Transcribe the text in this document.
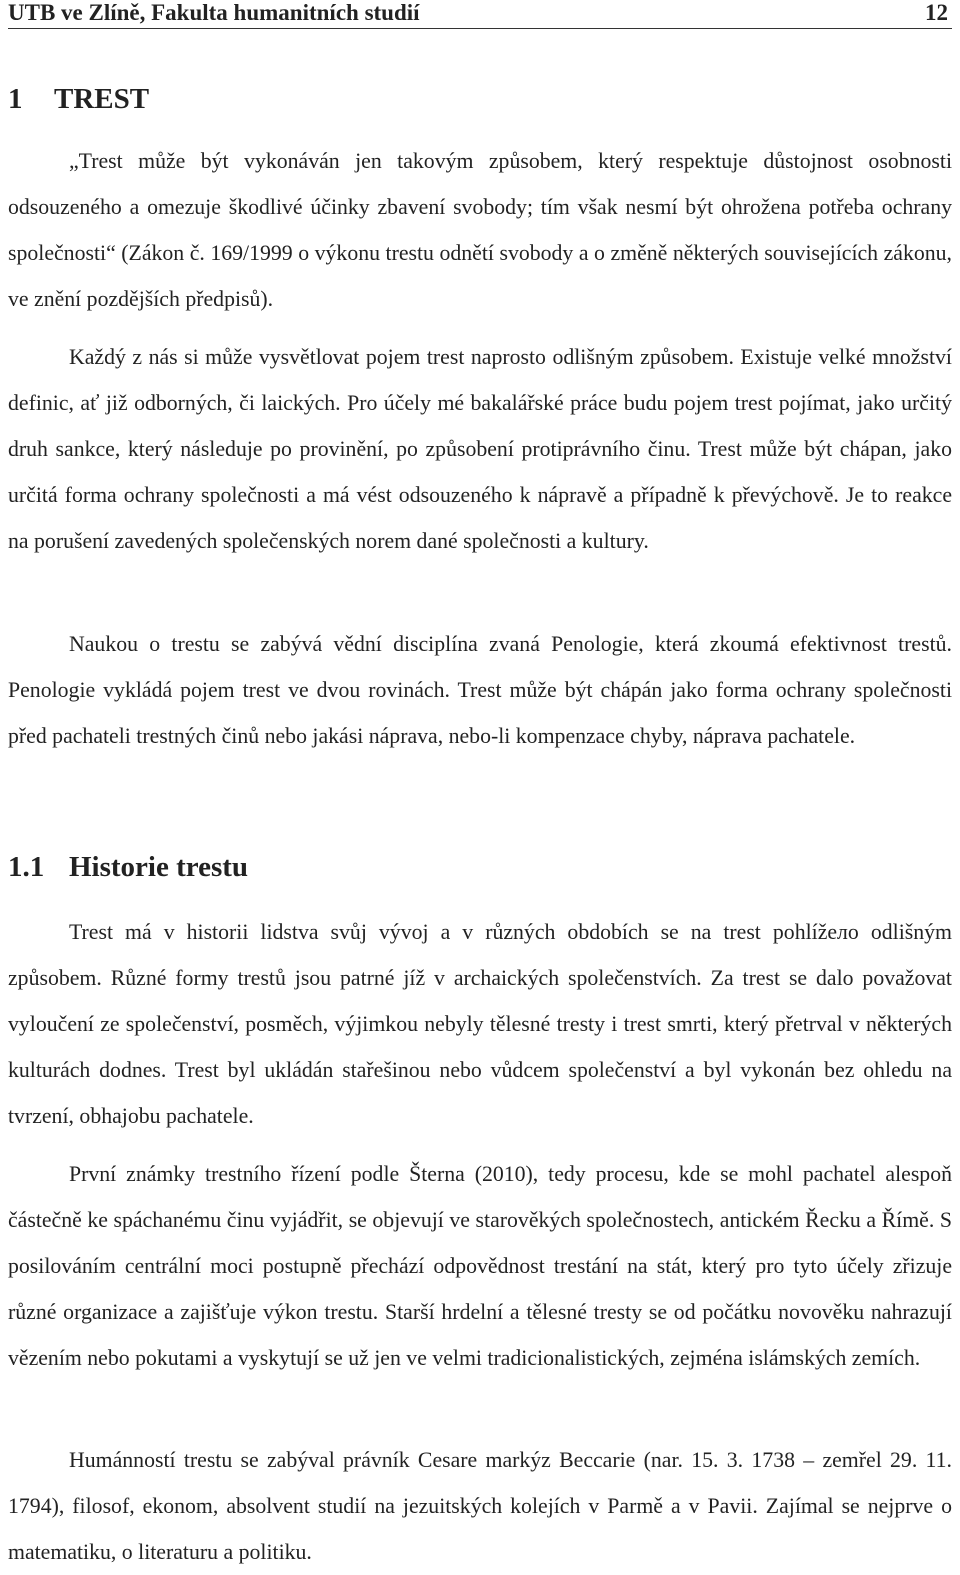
UTB ve Zlíně, Fakulta humanitních studií	12
1 TREST

„Trest může být vykonáván jen takovým způsobem, který respektuje důstojnost osobnosti odsouzeného a omezuje škodlivé účinky zbavení svobody; tím však nesmí být ohrožena potřeba ochrany společnosti“ (Zákon č. 169/1999 o výkonu trestu odnětí svobody a o změně některých souvisejících zákonu, ve znění pozdějších předpisů).

Každý z nás si může vysvětlovat pojem trest naprosto odlišným způsobem. Existuje velké množství definic, ať již odborných, či laických. Pro účely mé bakalářské práce budu pojem trest pojímat, jako určitý druh sankce, který následuje po provinění, po způsobení protiprávního činu. Trest může být chápan, jako určitá forma ochrany společnosti a má vést odsouzeného k nápravě a případně k převýchově. Je to reakce na porušení zavedených společenských norem dané společnosti a kultury.

Naukou o trestu se zabývá vědní disciplína zvaná Penologie, která zkoumá efektivnost trestů. Penologie vykládá pojem trest ve dvou rovinách. Trest může být chápán jako forma ochrany společnosti před pachateli trestných činů nebo jakási náprava, nebo-li kompenzace chyby, náprava pachatele.

1.1 Historie trestu

Trest má v historii lidstva svůj vývoj a v různých obdobích se na trest pohlížело odlišným způsobem. Různé formy trestů jsou patrné jíž v archaických společenstvích. Za trest se dalo považovat vyloučení ze společenství, posměch, výjimkou nebyly tělesné tresty i trest smrti, který přetrval v některých kulturách dodnes. Trest byl ukládán stařešinou nebo vůdcem společenství a byl vykonán bez ohledu na tvrzení, obhajobu pachatele.

První známky trestního řízení podle Šterna (2010), tedy procesu, kde se mohl pachatel alespoň částečně ke spáchanému činu vyjádřit, se objevují ve starověkých společnostech, antickém Řecku a Římě. S posilováním centrální moci postupně přechází odpovědnost trestání na stát, který pro tyto účely zřizuje různé organizace a zajišťuje výkon trestu. Starší hrdelní a tělesné tresty se od počátku novověku nahrazují vězením nebo pokutami a vyskytují se už jen ve velmi tradicionalistických, zejména islámských zemích.

Humánností trestu se zabýval právník Cesare markýz Beccarie (nar. 15. 3. 1738 – zemřel 29. 11. 1794), filosof, ekonom, absolvent studií na jezuitských kolejích v Parmě a v Pavii. Zajímal se nejprve o matematiku, o literaturu a politiku.
